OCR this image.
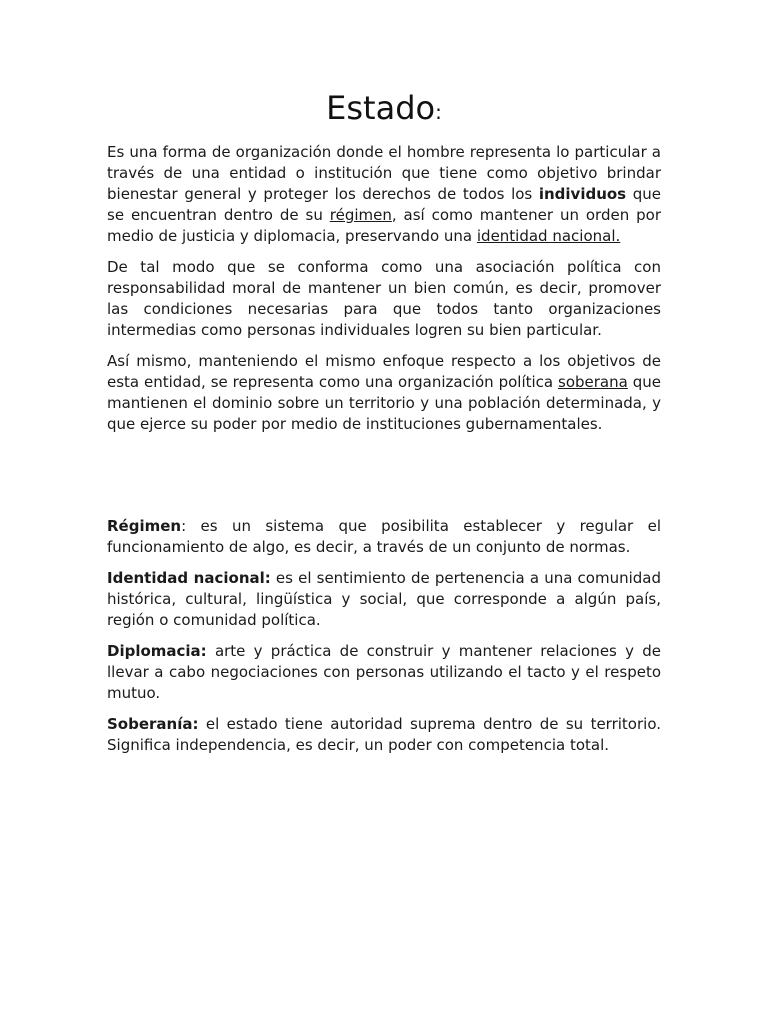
Estado:

Es una forma de organización donde el hombre representa lo particular a través de una entidad o institución que tiene como objetivo brindar bienestar general y proteger los derechos de todos los individuos que se encuentran dentro de su régimen, así como mantener un orden por medio de justicia y diplomacia, preservando una identidad nacional.

De tal modo que se conforma como una asociación política con responsabilidad moral de mantener un bien común, es decir, promover las condiciones necesarias para que todos tanto organizaciones intermedias como personas individuales logren su bien particular.

Así mismo, manteniendo el mismo enfoque respecto a los objetivos de esta entidad, se representa como una organización política soberana que mantienen el dominio sobre un territorio y una población determinada, y que ejerce su poder por medio de instituciones gubernamentales.

Régimen: es un sistema que posibilita establecer y regular el funcionamiento de algo, es decir, a través de un conjunto de normas.

Identidad nacional: es el sentimiento de pertenencia a una comunidad histórica, cultural, lingüística y social, que corresponde a algún país, región o comunidad política.

Diplomacia: arte y práctica de construir y mantener relaciones y de llevar a cabo negociaciones con personas utilizando el tacto y el respeto mutuo.

Soberanía: el estado tiene autoridad suprema dentro de su territorio. Significa independencia, es decir, un poder con competencia total.
